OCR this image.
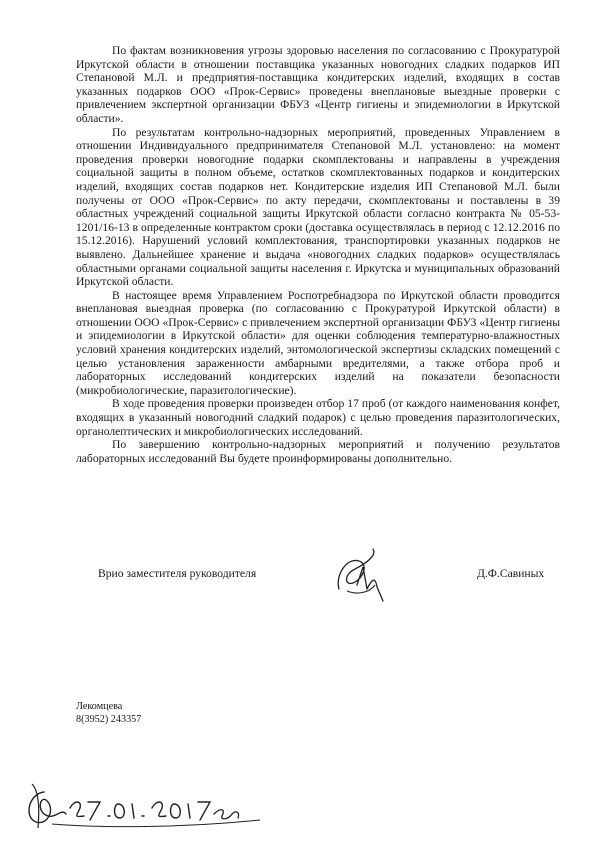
По фактам возникновения угрозы здоровью населения по согласованию с Прокуратурой Иркутской области в отношении поставщика указанных новогодних сладких подарков ИП Степановой М.Л. и предприятия-поставщика кондитерских изделий, входящих в состав указанных подарков ООО «Прок-Сервис» проведены внеплановые выездные проверки с привлечением экспертной организации ФБУЗ «Центр гигиены и эпидемиологии в Иркутской области».

По результатам контрольно-надзорных мероприятий, проведенных Управлением в отношении Индивидуального предпринимателя Степановой М.Л. установлено: на момент проведения проверки новогодние подарки скомплектованы и направлены в учреждения социальной защиты в полном объеме, остатков скомплектованных подарков и кондитерских изделий, входящих состав подарков нет. Кондитерские изделия ИП Степановой М.Л. были получены от ООО «Прок-Сервис» по акту передачи, скомплектованы и поставлены в 39 областных учреждений социальной защиты Иркутской области согласно контракта № 05-53-1201/16-13 в определенные контрактом сроки (доставка осуществлялась в период с 12.12.2016 по 15.12.2016). Нарушений условий комплектования, транспортировки указанных подарков не выявлено. Дальнейшее хранение и выдача «новогодних сладких подарков» осуществлялась областными органами социальной защиты населения г. Иркутска и муниципальных образований Иркутской области.

В настоящее время Управлением Роспотребнадзора по Иркутской области проводится внеплановая выездная проверка (по согласованию с Прокуратурой Иркутской области) в отношении ООО «Прок-Сервис» с привлечением экспертной организации ФБУЗ «Центр гигиены и эпидемиологии в Иркутской области» для оценки соблюдения температурно-влажностных условий хранения кондитерских изделий, энтомологической экспертизы складских помещений с целью установления зараженности амбарными вредителями, а также отбора проб и лабораторных исследований кондитерских изделий на показатели безопасности (микробиологические, паразитологические).

В ходе проведения проверки произведен отбор 17 проб (от каждого наименования конфет, входящих в указанный новогодний сладкий подарок) с целью проведения паразитологических, органолептических и микробиологических исследований.

По завершению контрольно-надзорных мероприятий и получению результатов лабораторных исследований Вы будете проинформированы дополнительно.

Врио заместителя руководителя	Д.Ф.Савиных
Лекомцева
8(3952) 243357
